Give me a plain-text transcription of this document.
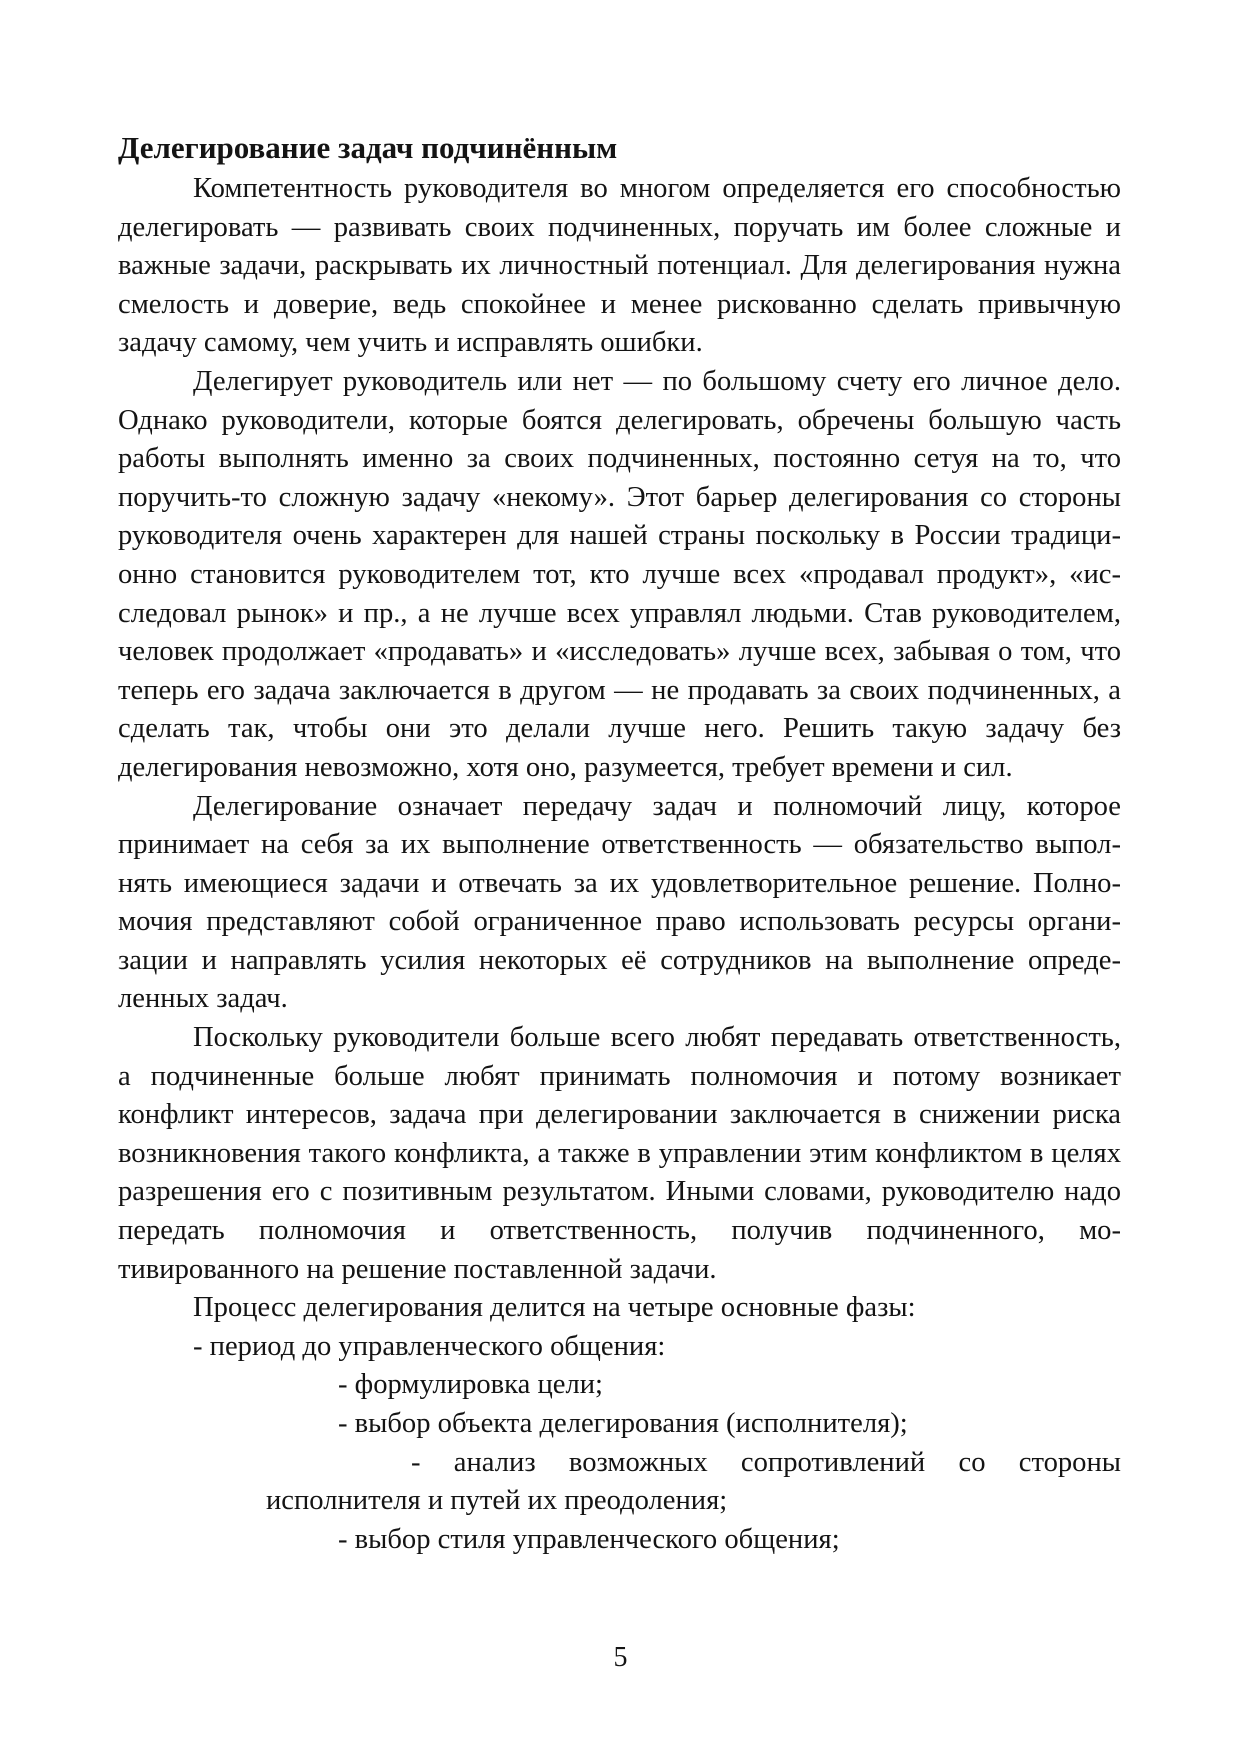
Делегирование задач подчинённым

Компетентность руководителя во многом определяется его способностью делегировать — развивать своих подчиненных, поручать им более сложные и важные задачи, раскрывать их личностный потенциал. Для делегирования нужна смелость и доверие, ведь спокойнее и менее рискованно сделать привычную задачу самому, чем учить и исправлять ошибки.

Делегирует руководитель или нет — по большому счету его личное дело. Однако руководители, которые боятся делегировать, обречены большую часть работы выполнять именно за своих подчиненных, постоянно сетуя на то, что поручить-то сложную задачу «некому». Этот барьер делегирования со стороны руководителя очень характерен для нашей страны поскольку в России традиционно становится руководителем тот, кто лучше всех «продавал продукт», «исследовал рынок» и пр., а не лучше всех управлял людьми. Став руководителем, человек продолжает «продавать» и «исследовать» лучше всех, забывая о том, что теперь его задача заключается в другом — не продавать за своих подчиненных, а сделать так, чтобы они это делали лучше него. Решить такую задачу без делегирования невозможно, хотя оно, разумеется, требует времени и сил.

Делегирование означает передачу задач и полномочий лицу, которое принимает на себя за их выполнение ответственность — обязательство выполнять имеющиеся задачи и отвечать за их удовлетворительное решение. Полномочия представляют собой ограниченное право использовать ресурсы организации и направлять усилия некоторых её сотрудников на выполнение определенных задач.

Поскольку руководители больше всего любят передавать ответственность, а подчиненные больше любят принимать полномочия и потому возникает конфликт интересов, задача при делегировании заключается в снижении риска возникновения такого конфликта, а также в управлении этим конфликтом в целях разрешения его с позитивным результатом. Иными словами, руководителю надо передать полномочия и ответственность, получив подчиненного, мотивированного на решение поставленной задачи.

Процесс делегирования делится на четыре основные фазы:

- период до управленческого общения:

- формулировка цели;

- выбор объекта делегирования (исполнителя);

- анализ возможных сопротивлений со стороны исполнителя и путей их преодоления;

- выбор стиля управленческого общения;

5
